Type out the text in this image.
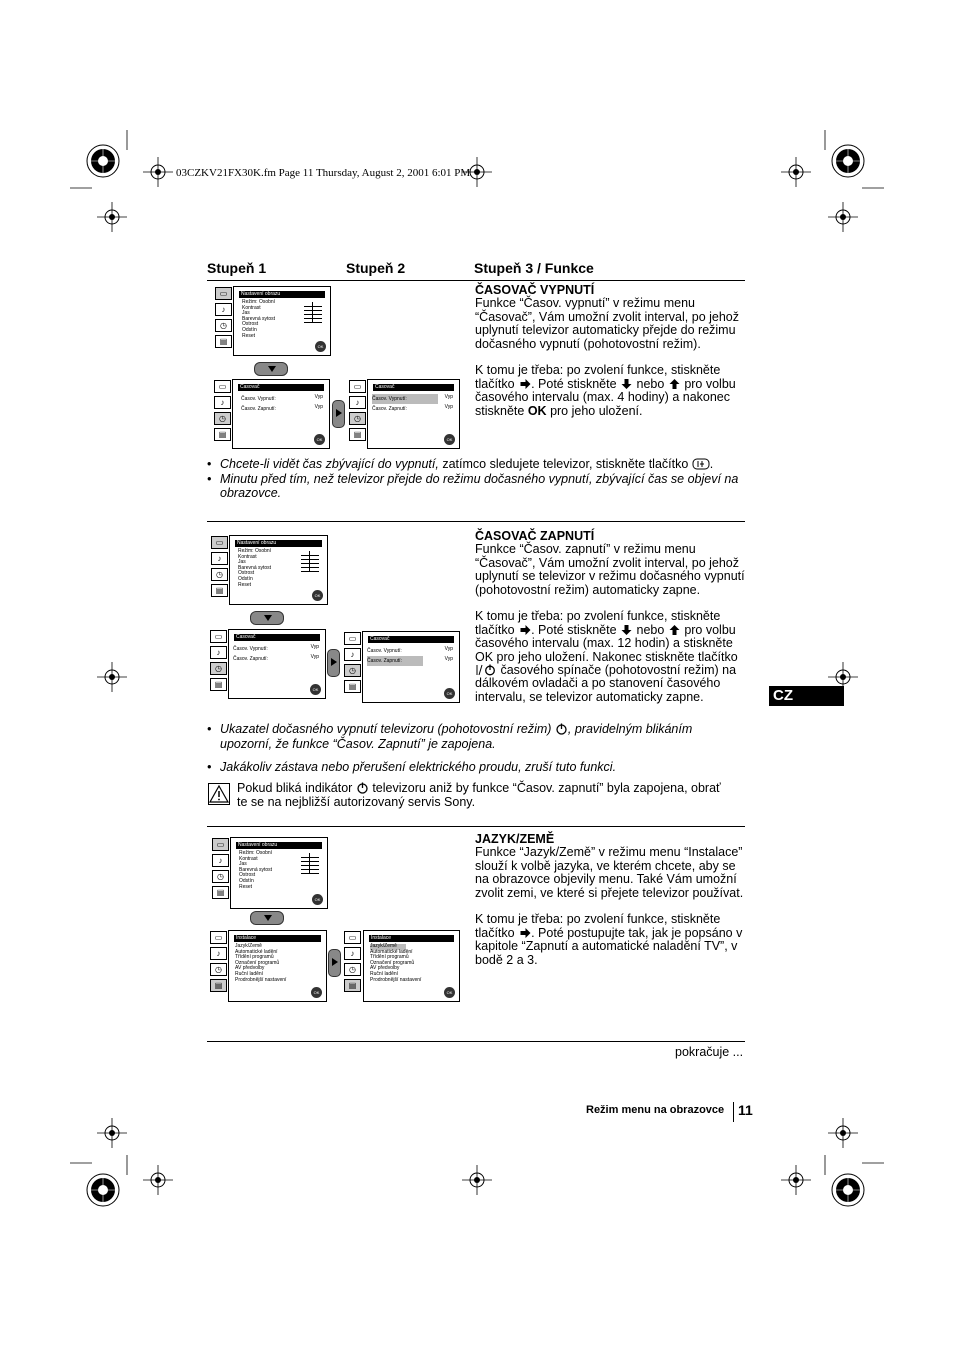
03CZKV21FX30K.fm Page 11 Thursday, August 2, 2001 6:01 PM
Stupeň 1	Stupeň 2	Stupeň 3 / Funkce
▭
♪
◷
▤
Nastavení obrazu
Režim: Osobní
Kontrast
Jas
Barevná sytost
Ostrost
Odstín
Reset
OK
▭
♪
◷
▤
Časovač
Časov. Vypnutí:
Časov. Zapnutí:
Vyp
Vyp
OK
▭
♪
◷
▤
Časovač
Časov. Vypnutí:
Časov. Zapnutí:
Vyp
Vyp
OK

ČASOVAČ VYPNUTÍ

Funkce “Časov. vypnutí” v režimu menu “Časovač”, Vám umožní zvolit interval, po jehož uplynutí televizor automaticky přejde do režimu dočasného vypnutí (pohotovostní režim).

K tomu je třeba: po zvolení funkce, stiskněte tlačítko . Poté stiskněte nebo pro volbu časového intervalu (max. 4 hodiny) a nakonec stiskněte OK pro jeho uložení.

• Chcete-li vidět čas zbývající do vypnutí, zatímco sledujete televizor, stiskněte tlačítko .
• Minutu před tím, než televizor přejde do režimu dočasného vypnutí, zbývající čas se objeví na obrazovce.
▭
♪
◷
▤
Nastavení obrazu
Režim: Osobní
Kontrast
Jas
Barevná sytost
Ostrost
Odstín
Reset
OK
▭
♪
◷
▤
Časovač
Časov. Vypnutí:
Časov. Zapnutí:
Vyp
Vyp
OK
▭
♪
◷
▤
Časovač
Časov. Vypnutí:
Časov. Zapnutí:
Vyp
Vyp
OK

ČASOVAČ ZAPNUTÍ

Funkce “Časov. zapnutí” v režimu menu “Časovač”, Vám umožní zvolit interval, po jehož uplynutí se televizor v režimu dočasného vypnutí (pohotovostní režim) automaticky zapne.

K tomu je třeba: po zvolení funkce, stiskněte tlačítko . Poté stiskněte nebo pro volbu časového intervalu (max. 12 hodin) a stiskněte OK pro jeho uložení. Nakonec stiskněte tlačítko  časového spínače (pohotovostní režim) na dálkovém ovladači a po stanovení časového intervalu, se televizor automaticky zapne.

• Ukazatel dočasného vypnutí televizoru (pohotovostní režim) , pravidelným blikáním upozorní, že funkce “Časov. Zapnutí” je zapojena.
• Jakákoliv zástava nebo přerušení elektrického proudu, zruší tuto funkci.
Pokud bliká indikátor televizoru aniž by funkce “Časov. zapnutí” byla zapojena, obrať te se na nejbližší autorizovaný servis Sony.
▭
♪
◷
▤
Nastavení obrazu
Režim: Osobní
Kontrast
Jas
Barevná sytost
Ostrost
Odstín
Reset
OK
▭
♪
◷
▤
Instalace
Jazyk/Země
Automatické ladění
Třídění programů
Označení programů
AV předvolby
Ruční ladění
Prodrobnější nastavení
OK
▭
♪
◷
▤
Instalace
Jazyk/Země
Automatické ladění
Třídění programů
Označení programů
AV předvolby
Ruční ladění
Prodrobnější nastavení
OK

JAZYK/ZEMĚ

Funkce “Jazyk/Země” v režimu menu “Instalace” slouží k volbě jazyka, ve kterém chcete, aby se na obrazovce objevily menu. Také Vám umožní zvolit zemi, ve které si přejete televizor používat.

K tomu je třeba: po zvolení funkce, stiskněte tlačítko . Poté postupujte tak, jak je popsáno v kapitole “Zapnutí a automatické naladění TV”, v bodě 2 a 3.

pokračuje ...
CZ
Režim menu na obrazovce 11
